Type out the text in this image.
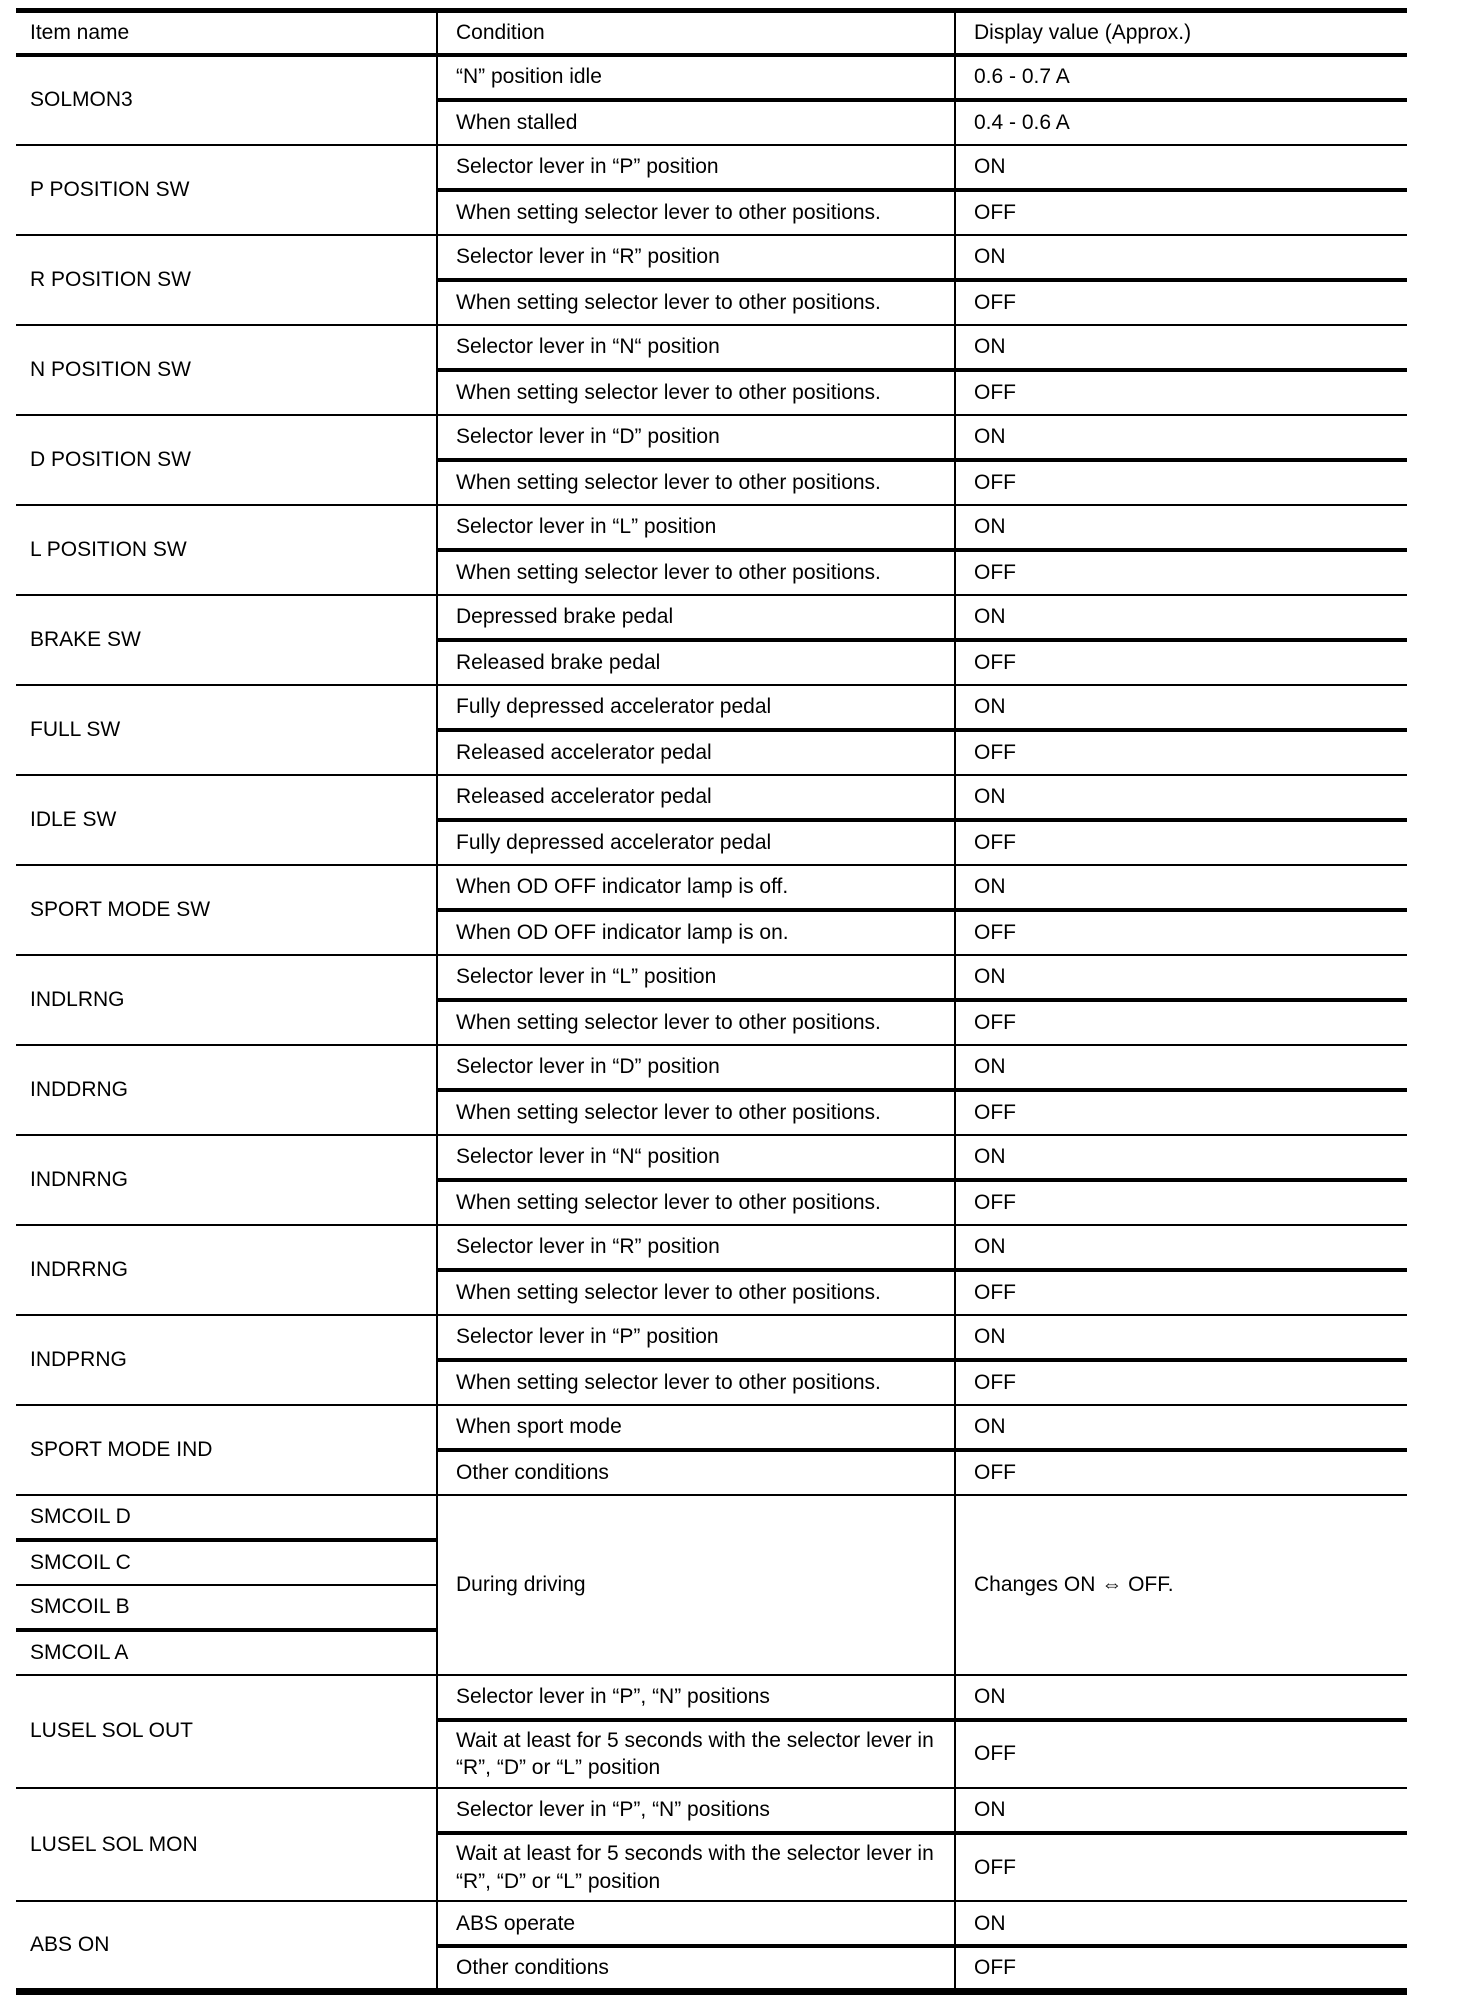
Item name	Condition	Display value (Approx.)
SOLMON3	“N” position idle	0.6 - 0.7 A
	When stalled	0.4 - 0.6 A
P POSITION SW	Selector lever in “P” position	ON
	When setting selector lever to other positions.	OFF
R POSITION SW	Selector lever in “R” position	ON
	When setting selector lever to other positions.	OFF
N POSITION SW	Selector lever in “N“ position	ON
	When setting selector lever to other positions.	OFF
D POSITION SW	Selector lever in “D” position	ON
	When setting selector lever to other positions.	OFF
L POSITION SW	Selector lever in “L” position	ON
	When setting selector lever to other positions.	OFF
BRAKE SW	Depressed brake pedal	ON
	Released brake pedal	OFF
FULL SW	Fully depressed accelerator pedal	ON
	Released accelerator pedal	OFF
IDLE SW	Released accelerator pedal	ON
	Fully depressed accelerator pedal	OFF
SPORT MODE SW	When OD OFF indicator lamp is off.	ON
	When OD OFF indicator lamp is on.	OFF
INDLRNG	Selector lever in “L” position	ON
	When setting selector lever to other positions.	OFF
INDDRNG	Selector lever in “D” position	ON
	When setting selector lever to other positions.	OFF
INDNRNG	Selector lever in “N“ position	ON
	When setting selector lever to other positions.	OFF
INDRRNG	Selector lever in “R” position	ON
	When setting selector lever to other positions.	OFF
INDPRNG	Selector lever in “P” position	ON
	When setting selector lever to other positions.	OFF
SPORT MODE IND	When sport mode	ON
	Other conditions	OFF
SMCOIL D	During driving	Changes ON ⇔ OFF.
SMCOIL C		
SMCOIL B		
SMCOIL A		
LUSEL SOL OUT	Selector lever in “P”, “N” positions	ON
	Wait at least for 5 seconds with the selector lever in “R”, “D” or “L” position	OFF
LUSEL SOL MON	Selector lever in “P”, “N” positions	ON
	Wait at least for 5 seconds with the selector lever in “R”, “D” or “L” position	OFF
ABS ON	ABS operate	ON
	Other conditions	OFF
